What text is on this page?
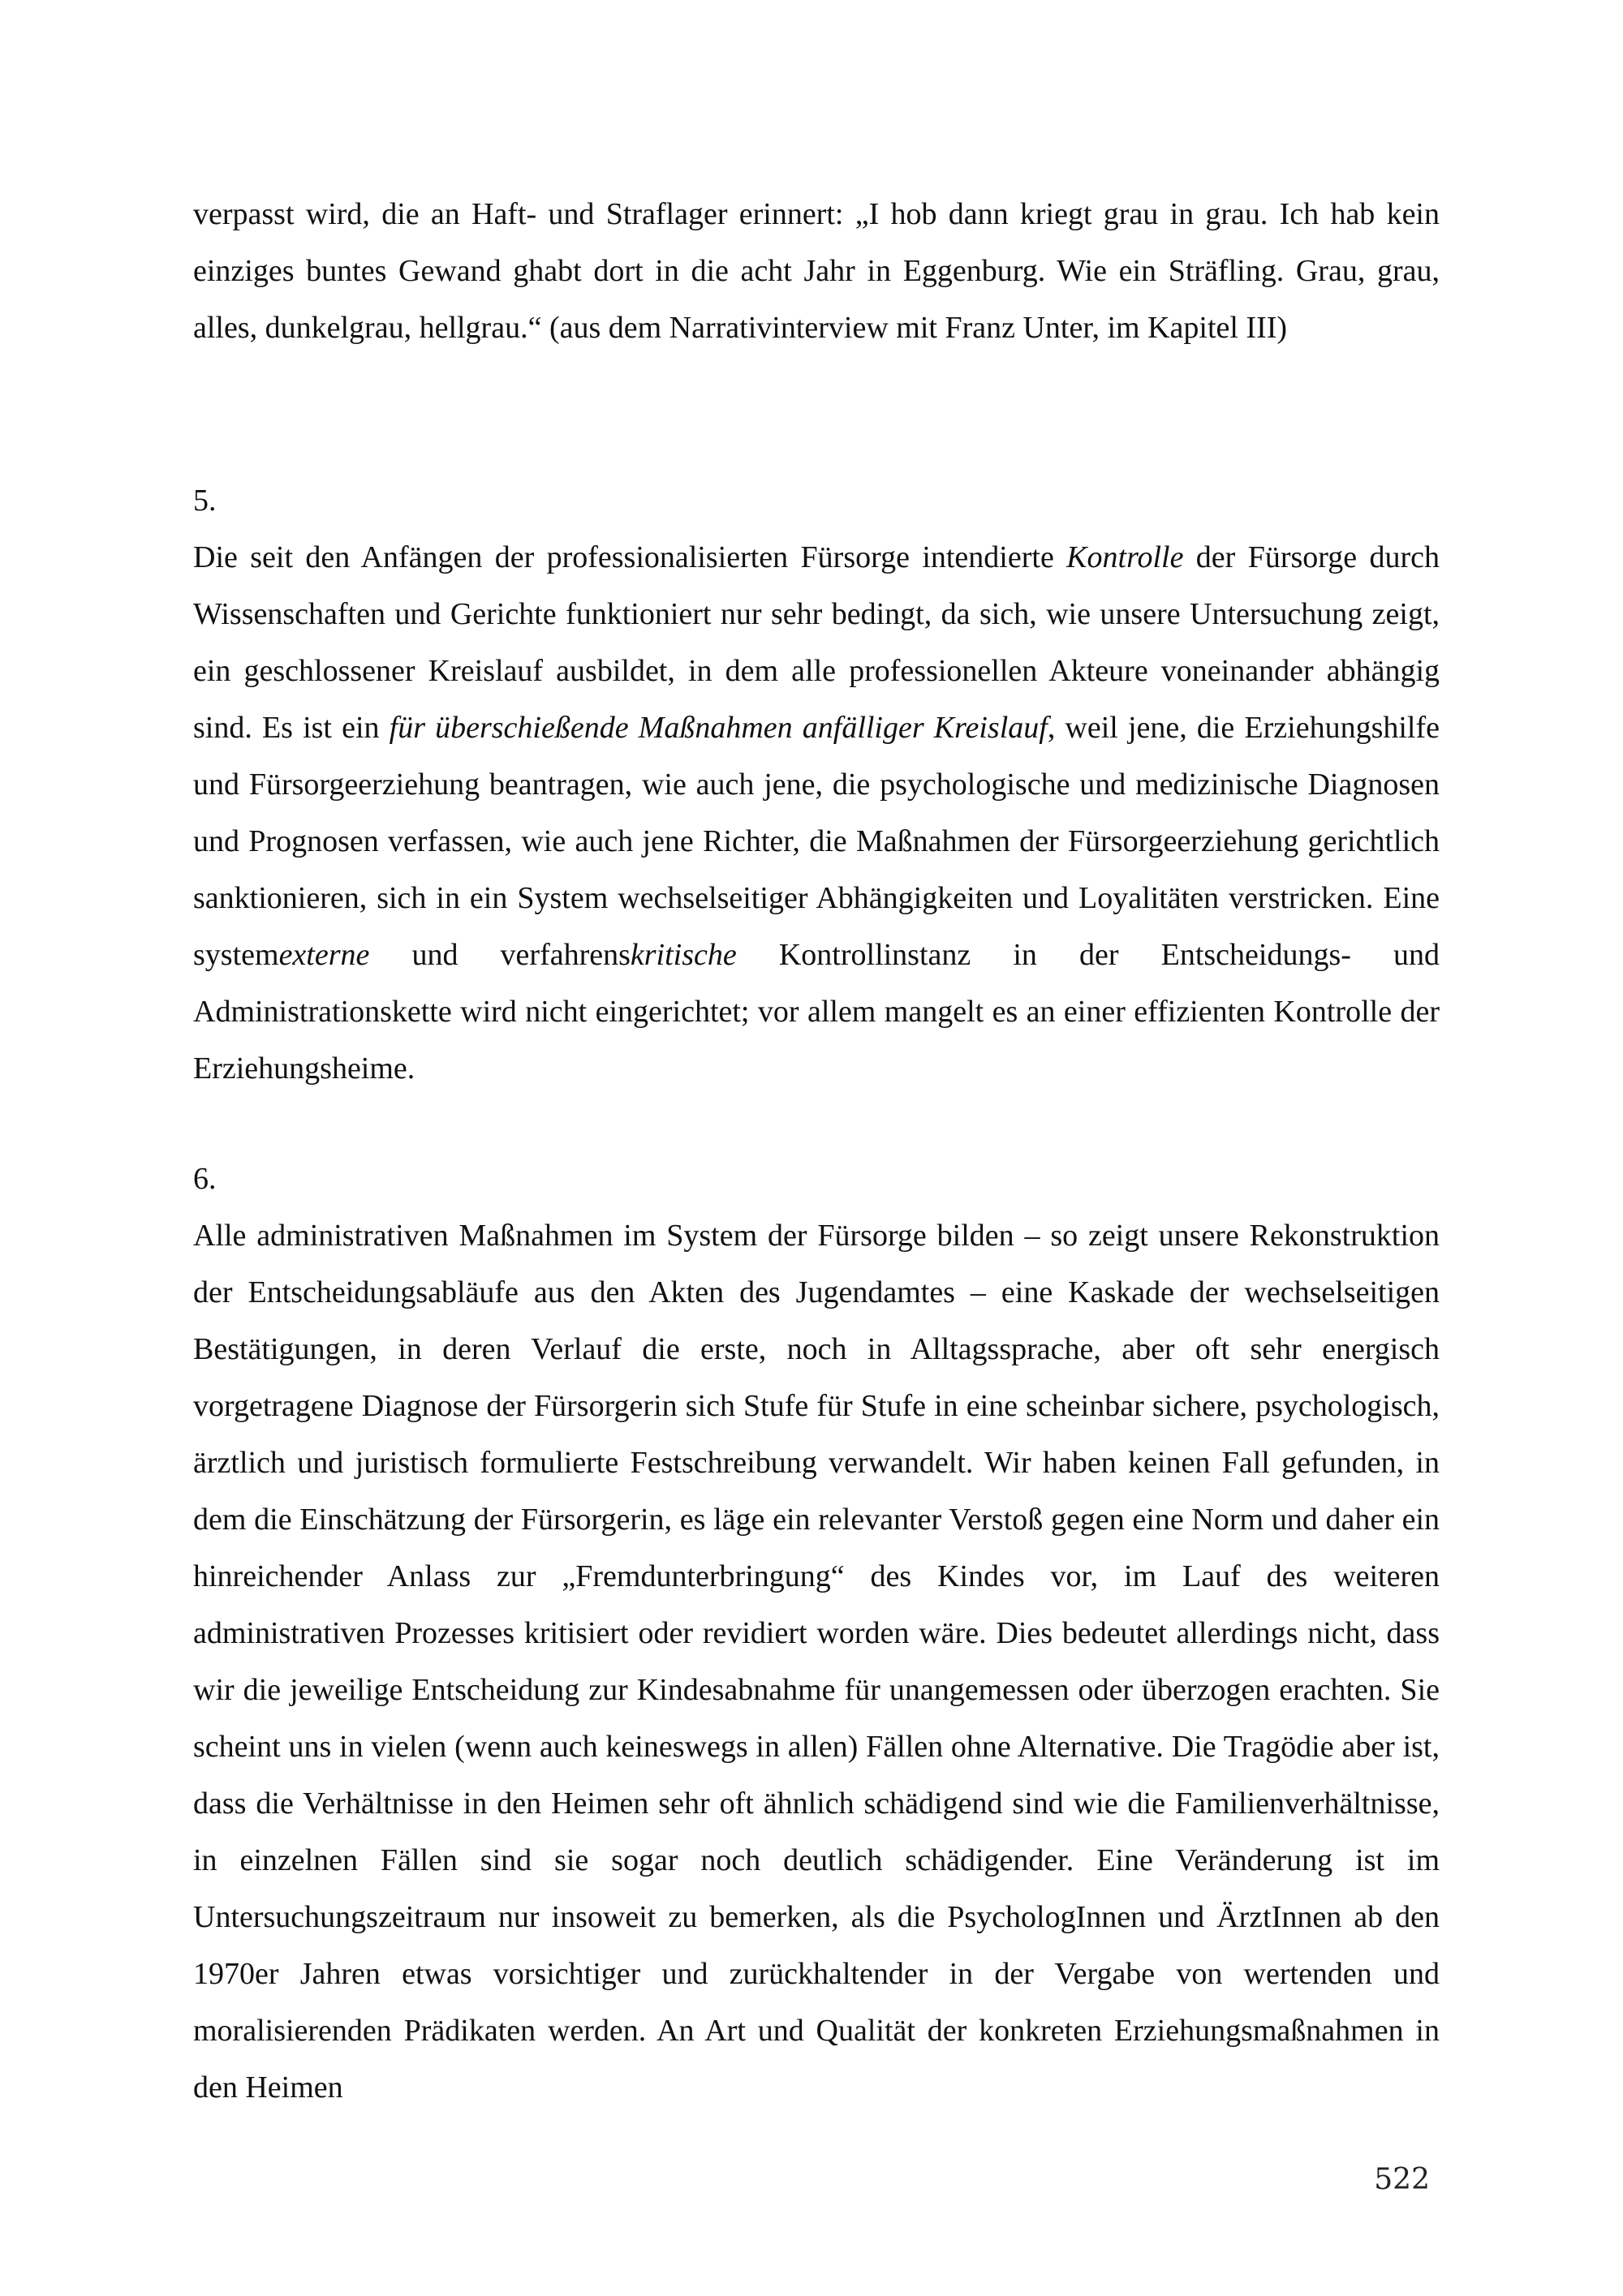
verpasst wird, die an Haft- und Straflager erinnert: „I hob dann kriegt grau in grau. Ich hab kein einziges buntes Gewand ghabt dort in die acht Jahr in Eggenburg. Wie ein Sträfling. Grau, grau, alles, dunkelgrau, hellgrau.“ (aus dem Narrativinterview mit Franz Unter, im Kapitel III)

5.

Die seit den Anfängen der professionalisierten Fürsorge intendierte Kontrolle der Fürsorge durch Wissenschaften und Gerichte funktioniert nur sehr bedingt, da sich, wie unsere Untersuchung zeigt, ein geschlossener Kreislauf ausbildet, in dem alle professionellen Akteure voneinander abhängig sind. Es ist ein für überschießende Maßnahmen anfälliger Kreislauf, weil jene, die Erziehungshilfe und Fürsorgeerziehung beantragen, wie auch jene, die psychologische und medizinische Diagnosen und Prognosen verfassen, wie auch jene Richter, die Maßnahmen der Fürsorgeerziehung gerichtlich sanktionieren, sich in ein System wechselseitiger Abhängigkeiten und Loyalitäten verstricken. Eine systemexterne und verfahrenskritische Kontrollinstanz in der Entscheidungs- und Administrationskette wird nicht eingerichtet; vor allem mangelt es an einer effizienten Kontrolle der Erziehungsheime.

6.

Alle administrativen Maßnahmen im System der Fürsorge bilden – so zeigt unsere Rekonstruktion der Entscheidungsabläufe aus den Akten des Jugendamtes – eine Kaskade der wechselseitigen Bestätigungen, in deren Verlauf die erste, noch in Alltagssprache, aber oft sehr energisch vorgetragene Diagnose der Fürsorgerin sich Stufe für Stufe in eine scheinbar sichere, psychologisch, ärztlich und juristisch formulierte Festschreibung verwandelt. Wir haben keinen Fall gefunden, in dem die Einschätzung der Fürsorgerin, es läge ein relevanter Verstoß gegen eine Norm und daher ein hinreichender Anlass zur „Fremdunterbringung“ des Kindes vor, im Lauf des weiteren administrativen Prozesses kritisiert oder revidiert worden wäre. Dies bedeutet allerdings nicht, dass wir die jeweilige Entscheidung zur Kindesabnahme für unangemessen oder überzogen erachten. Sie scheint uns in vielen (wenn auch keineswegs in allen) Fällen ohne Alternative. Die Tragödie aber ist, dass die Verhältnisse in den Heimen sehr oft ähnlich schädigend sind wie die Familienverhältnisse, in einzelnen Fällen sind sie sogar noch deutlich schädigender. Eine Veränderung ist im Untersuchungszeitraum nur insoweit zu bemerken, als die PsychologInnen und ÄrztInnen ab den 1970er Jahren etwas vorsichtiger und zurückhaltender in der Vergabe von wertenden und moralisierenden Prädikaten werden. An Art und Qualität der konkreten Erziehungsmaßnahmen in den Heimen

522
